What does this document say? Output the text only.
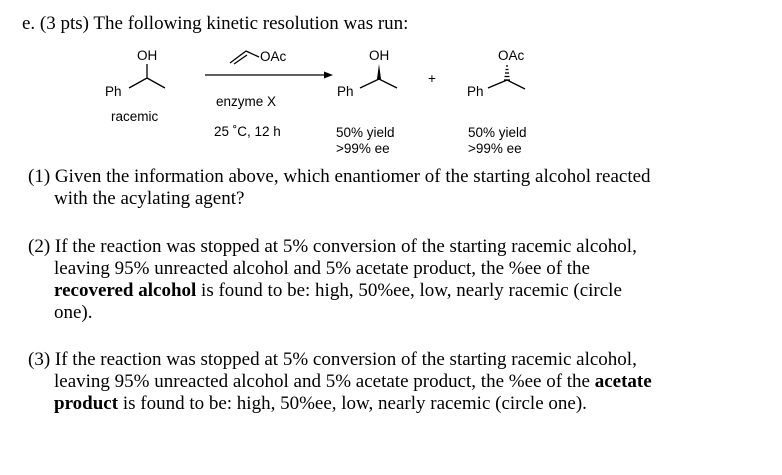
e. (3 pts) The following kinetic resolution was run:
OH
Ph
racemic
OAc
enzyme X
25 ˚C, 12 h
OH
Ph
50% yield
>99% ee
+
OAc
Ph
50% yield
>99% ee
(1) Given the information above, which enantiomer of the starting alcohol reacted
with the acylating agent?
(2) If the reaction was stopped at 5% conversion of the starting racemic alcohol,
leaving 95% unreacted alcohol and 5% acetate product, the %ee of the
recovered alcohol is found to be: high, 50%ee, low, nearly racemic (circle
one).
(3) If the reaction was stopped at 5% conversion of the starting racemic alcohol,
leaving 95% unreacted alcohol and 5% acetate product, the %ee of the acetate
product is found to be: high, 50%ee, low, nearly racemic (circle one).
